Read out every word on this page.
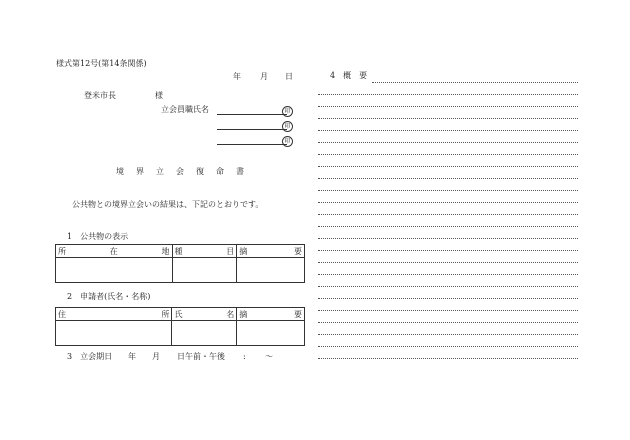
様式第12号(第14条関係)
年 月 日
登米市長	様
立会員職氏名	印
印
印
境 界 立 会 復 命 書
公共物との境界立会いの結果は、下記のとおりです。
1　公共物の表示
所 在 地	種 目	摘 要

2　申請者(氏名・名称)
住 所	氏 名	摘 要

3　立会期日 年 月 日午前・午後 : 〜
4　概　要
